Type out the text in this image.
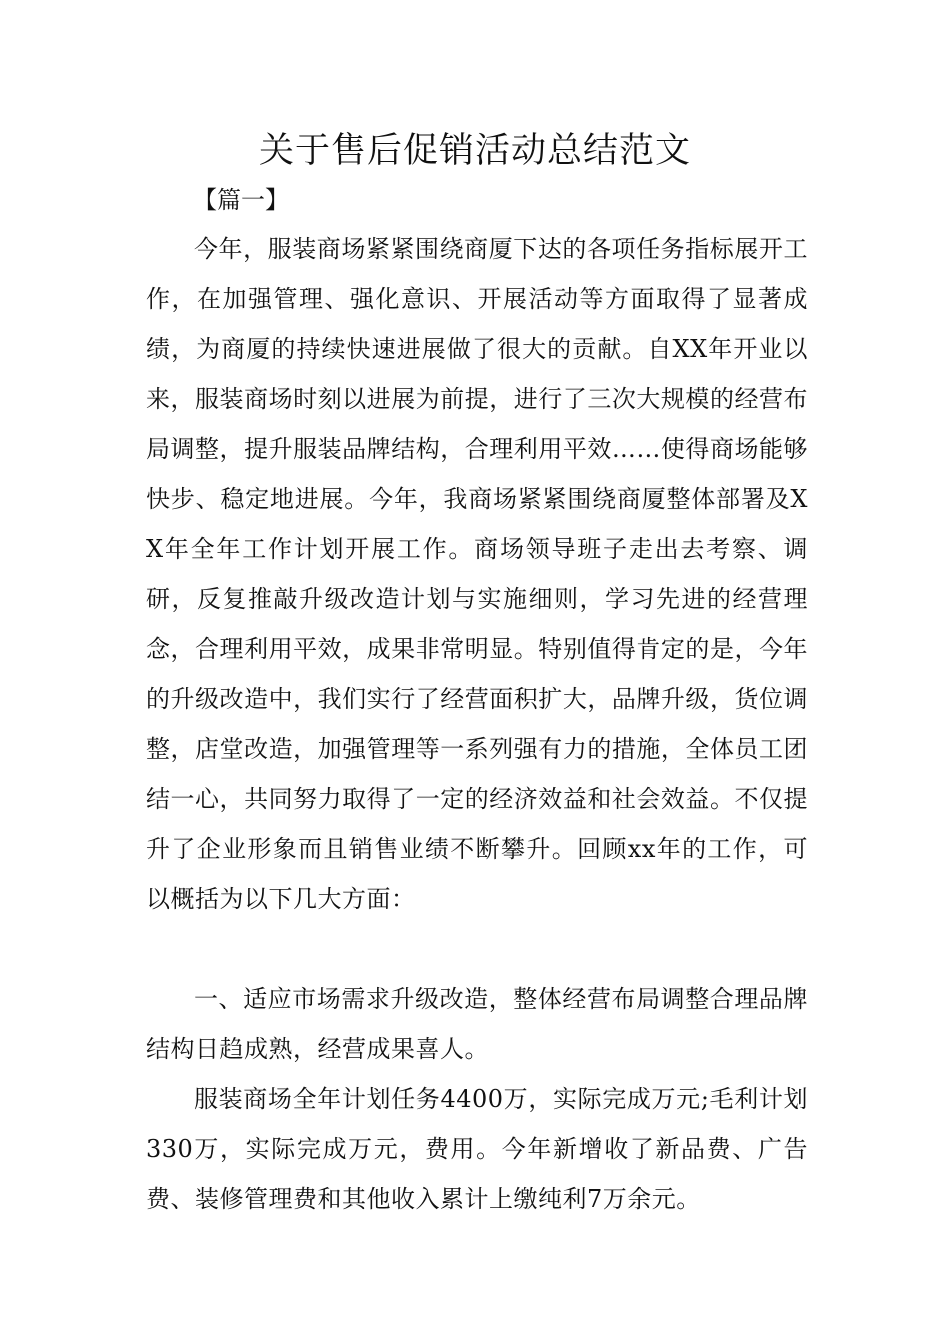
关于售后促销活动总结范文

【篇一】

今年，服装商场紧紧围绕商厦下达的各项任务指标展开工作，在加强管理、强化意识、开展活动等方面取得了显著成绩，为商厦的持续快速进展做了很大的贡献。自XX年开业以来，服装商场时刻以进展为前提，进行了三次大规模的经营布局调整，提升服装品牌结构，合理利用平效……使得商场能够快步、稳定地进展。今年，我商场紧紧围绕商厦整体部署及XX年全年工作计划开展工作。商场领导班子走出去考察、调研，反复推敲升级改造计划与实施细则，学习先进的经营理念，合理利用平效，成果非常明显。特别值得肯定的是，今年的升级改造中，我们实行了经营面积扩大，品牌升级，货位调整，店堂改造，加强管理等一系列强有力的措施，全体员工团结一心，共同努力取得了一定的经济效益和社会效益。不仅提升了企业形象而且销售业绩不断攀升。回顾xx年的工作，可以概括为以下几大方面：

一、适应市场需求升级改造，整体经营布局调整合理品牌结构日趋成熟，经营成果喜人。

服装商场全年计划任务4400万，实际完成万元;毛利计划330万，实际完成万元，费用。今年新增收了新品费、广告费、装修管理费和其他收入累计上缴纯利7万余元。
